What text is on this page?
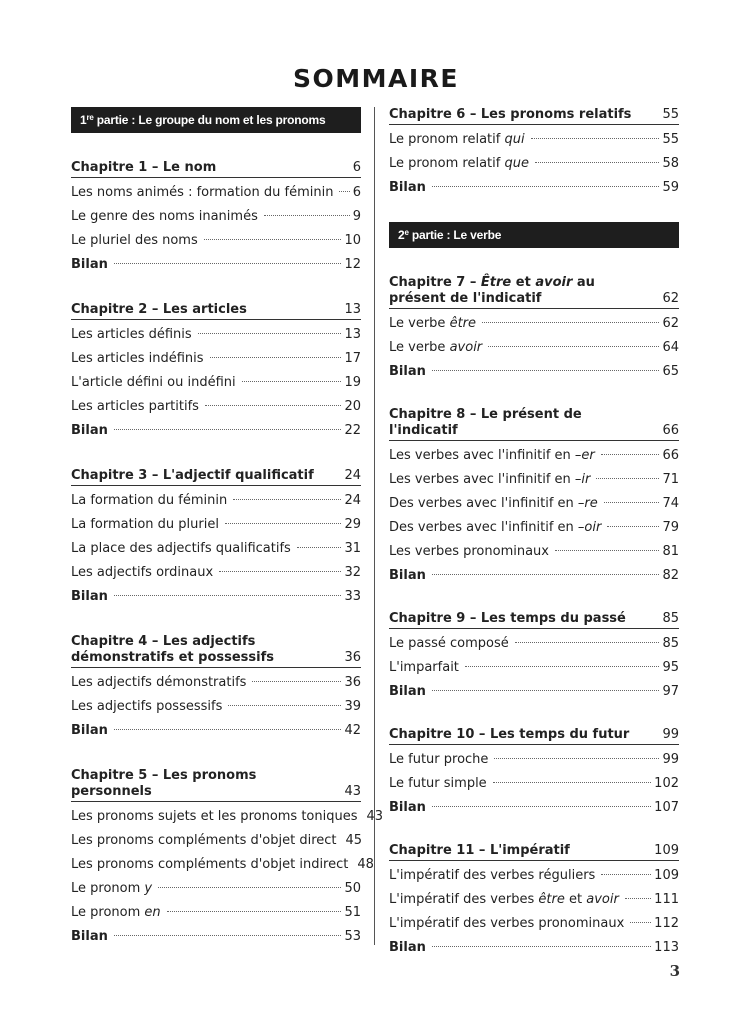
SOMMAIRE
1re partie : Le groupe du nom et les pronoms
Chapitre 1 – Le nom	6
Les noms animés : formation du féminin 6
Le genre des noms inanimés	9
Le pluriel des noms	10
Bilan	12
Chapitre 2 – Les articles	13
Les articles définis	13
Les articles indéfinis	17
L'article défini ou indéfini	19
Les articles partitifs	20
Bilan	22
Chapitre 3 – L'adjectif qualificatif	24
La formation du féminin	24
La formation du pluriel	29
La place des adjectifs qualificatifs	31
Les adjectifs ordinaux	32
Bilan	33
Chapitre 4 – Les adjectifs démonstratifs et possessifs	36
Les adjectifs démonstratifs	36
Les adjectifs possessifs	39
Bilan	42
Chapitre 5 – Les pronoms personnels	43
Les pronoms sujets et les pronoms toniques 43
Les pronoms compléments d'objet direct 45
Les pronoms compléments d'objet indirect 48
Le pronom y	50
Le pronom en	51
Bilan	53
Chapitre 6 – Les pronoms relatifs	55
Le pronom relatif qui	55
Le pronom relatif que	58
Bilan	59
2e partie : Le verbe
Chapitre 7 – Être et avoir au présent de l'indicatif	62
Le verbe être	62
Le verbe avoir	64
Bilan	65
Chapitre 8 – Le présent de l'indicatif	66
Les verbes avec l'infinitif en –er	66
Les verbes avec l'infinitif en –ir	71
Des verbes avec l'infinitif en –re	74
Des verbes avec l'infinitif en –oir	79
Les verbes pronominaux	81
Bilan	82
Chapitre 9 – Les temps du passé	85
Le passé composé	85
L'imparfait	95
Bilan	97
Chapitre 10 – Les temps du futur	99
Le futur proche	99
Le futur simple	102
Bilan	107
Chapitre 11 – L'impératif	109
L'impératif des verbes réguliers	109
L'impératif des verbes être et avoir	111
L'impératif des verbes pronominaux 112
Bilan	113
3
